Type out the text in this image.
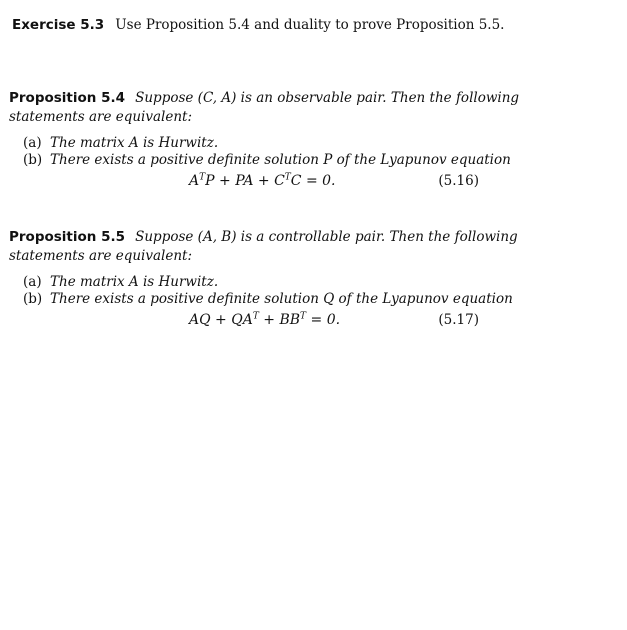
Exercise 5.3 Use Proposition 5.4 and duality to prove Proposition 5.5.
Proposition 5.4 Suppose (C, A) is an observable pair. Then the following
statements are equivalent:
(a) The matrix A is Hurwitz.
(b) There exists a positive definite solution P of the Lyapunov equation
$A^TP$ + PA + $C^TC = 0$.	(5.16)
Proposition 5.5 Suppose (A, B) is a controllable pair. Then the following
statements are equivalent:
(a) The matrix A is Hurwitz.
(b) There exists a positive definite solution Q of the Lyapunov equation
AQ + $QA^T + BB^T = 0$.	(5.17)
